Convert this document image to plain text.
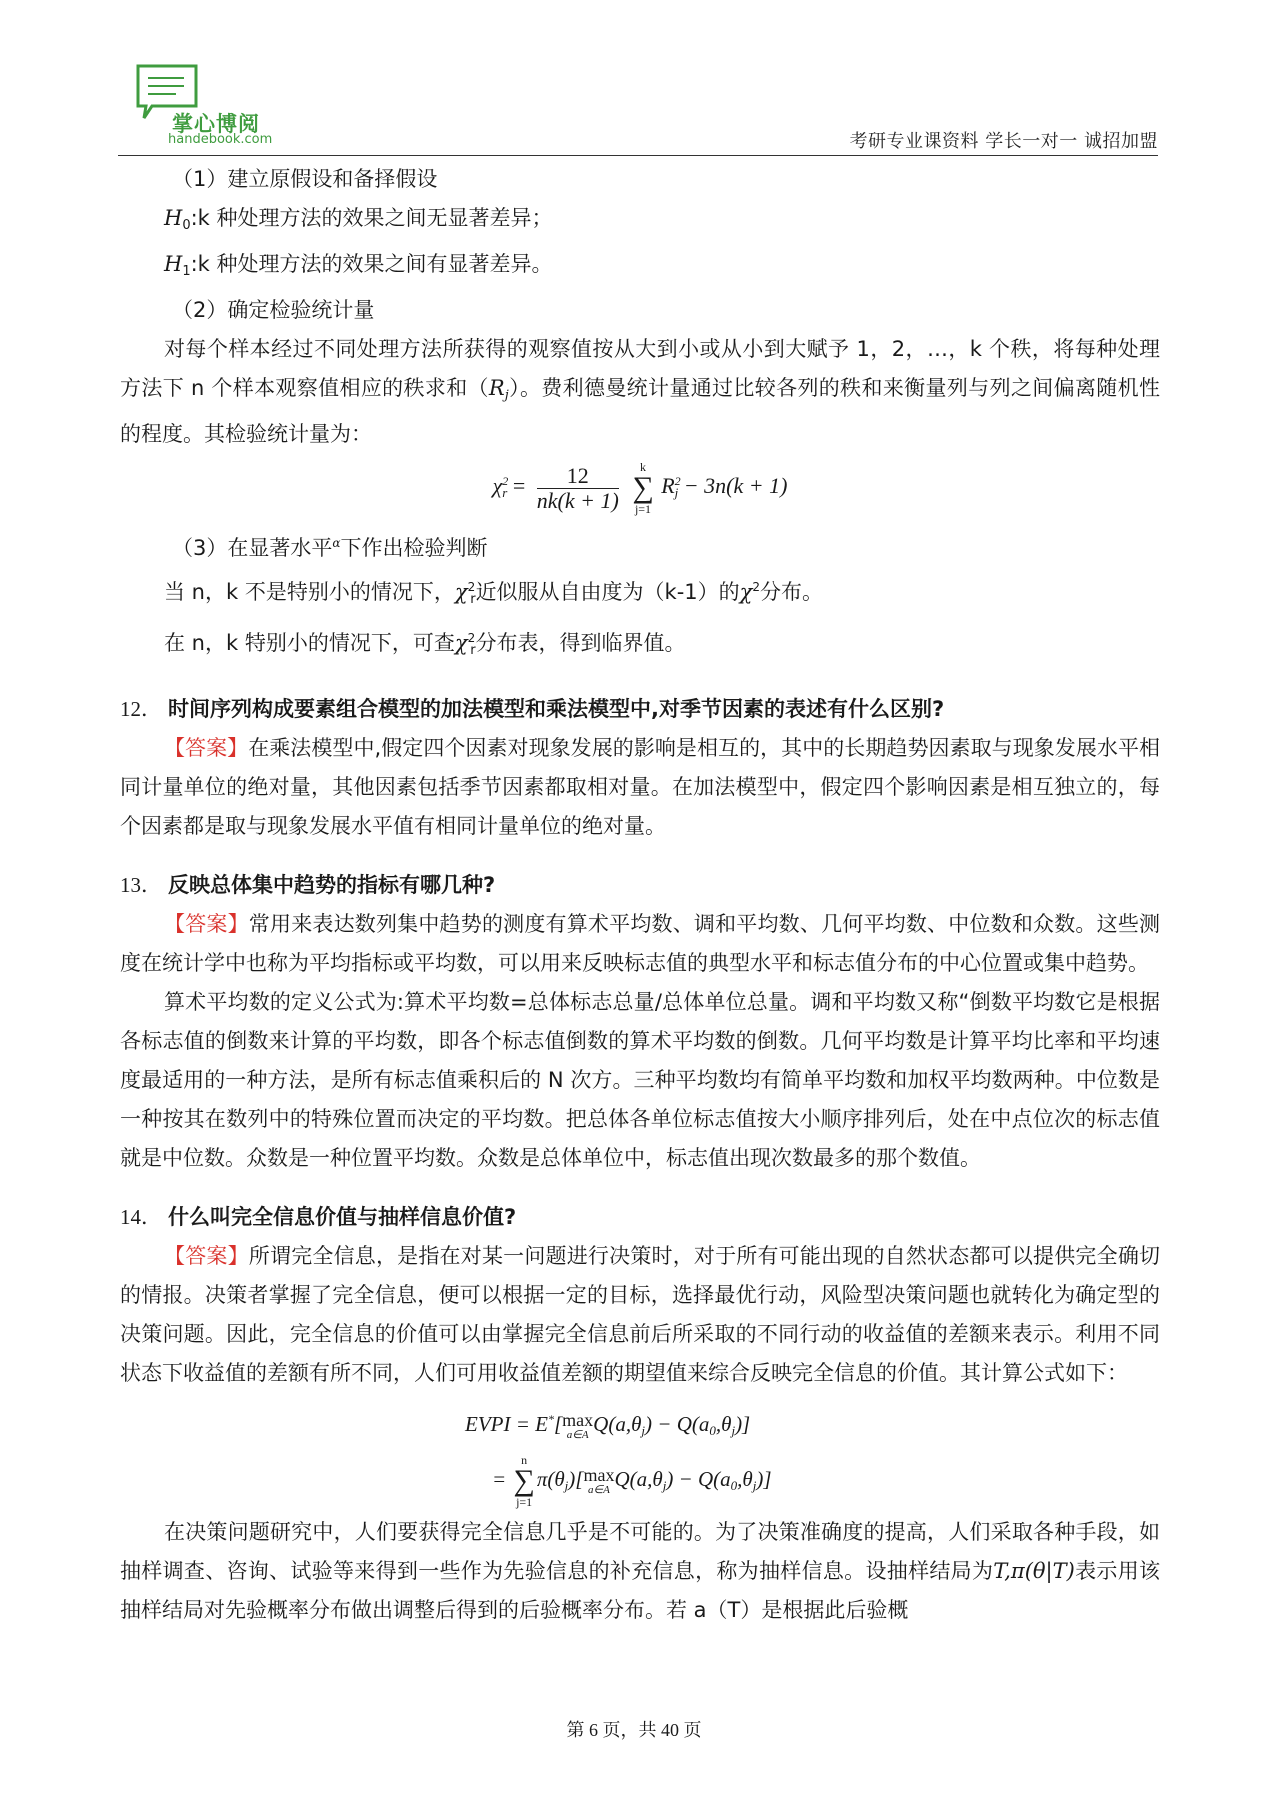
掌心博阅
handebook.com	考研专业课资料 学长一对一 诚招加盟

（1）建立原假设和备择假设

$H_0:k$ 种处理方法的效果之间无显著差异；

$H_1:k$ 种处理方法的效果之间有显著差异。

（2）确定检验统计量

对每个样本经过不同处理方法所获得的观察值按从大到小或从小到大赋予 1，2，…，k 个秩，将每种处理方法下 n 个样本观察值相应的秩求和$(R_j)$。费利德曼统计量通过比较各列的秩和来衡量列与列之间偏离随机性的程度。其检验统计量为：

$\chi^2_r = \frac{12}{nk(k + 1)}$
	k
∑
j=1
$R^2_j - 3n(k + 1)$

（3）在显著水平$^\alpha$下作出检验判断

当 n，k 不是特别小的情况下，$\chi^2_r$近似服从自由度为（k-1）的$\chi^2$分布。

在 n，k 特别小的情况下，可查$\chi^2_r$分布表，得到临界值。

12． 时间序列构成要素组合模型的加法模型和乘法模型中,对季节因素的表述有什么区别?

【答案】在乘法模型中,假定四个因素对现象发展的影响是相互的，其中的长期趋势因素取与现象发展水平相同计量单位的绝对量，其他因素包括季节因素都取相对量。在加法模型中，假定四个影响因素是相互独立的，每个因素都是取与现象发展水平值有相同计量单位的绝对量。

13． 反映总体集中趋势的指标有哪几种?

【答案】常用来表达数列集中趋势的测度有算术平均数、调和平均数、几何平均数、中位数和众数。这些测度在统计学中也称为平均指标或平均数，可以用来反映标志值的典型水平和标志值分布的中心位置或集中趋势。

算术平均数的定义公式为:算术平均数=总体标志总量/总体单位总量。调和平均数又称“倒数平均数它是根据各标志值的倒数来计算的平均数，即各个标志值倒数的算术平均数的倒数。几何平均数是计算平均比率和平均速度最适用的一种方法，是所有标志值乘积后的 N 次方。三种平均数均有简单平均数和加权平均数两种。中位数是一种按其在数列中的特殊位置而决定的平均数。把总体各单位标志值按大小顺序排列后，处在中点位次的标志值就是中位数。众数是一种位置平均数。众数是总体单位中，标志值出现次数最多的那个数值。

14． 什么叫完全信息价值与抽样信息价值?

【答案】所谓完全信息，是指在对某一问题进行决策时，对于所有可能出现的自然状态都可以提供完全确切的情报。决策者掌握了完全信息，便可以根据一定的目标，选择最优行动，风险型决策问题也就转化为确定型的决策问题。因此，完全信息的价值可以由掌握完全信息前后所采取的不同行动的收益值的差额来表示。利用不同状态下收益值的差额有所不同，人们可用收益值差额的期望值来综合反映完全信息的价值。其计算公式如下：

EVPI = E*[ max
a∈A $Q(a,\theta_j) - Q(a_0,\theta_j)$]
=
n
∑
j=1
$\pi(\theta_j)$[ max
a∈A $Q(a,\theta_j) - Q(a_0,\theta_j)$]

在决策问题研究中，人们要获得完全信息几乎是不可能的。为了决策准确度的提高，人们采取各种手段，如抽样调查、咨询、试验等来得到一些作为先验信息的补充信息，称为抽样信息。设抽样结局为T,π(θ|T)表示用该抽样结局对先验概率分布做出调整后得到的后验概率分布。若 a（T）是根据此后验概

第 6 页，共 40 页
